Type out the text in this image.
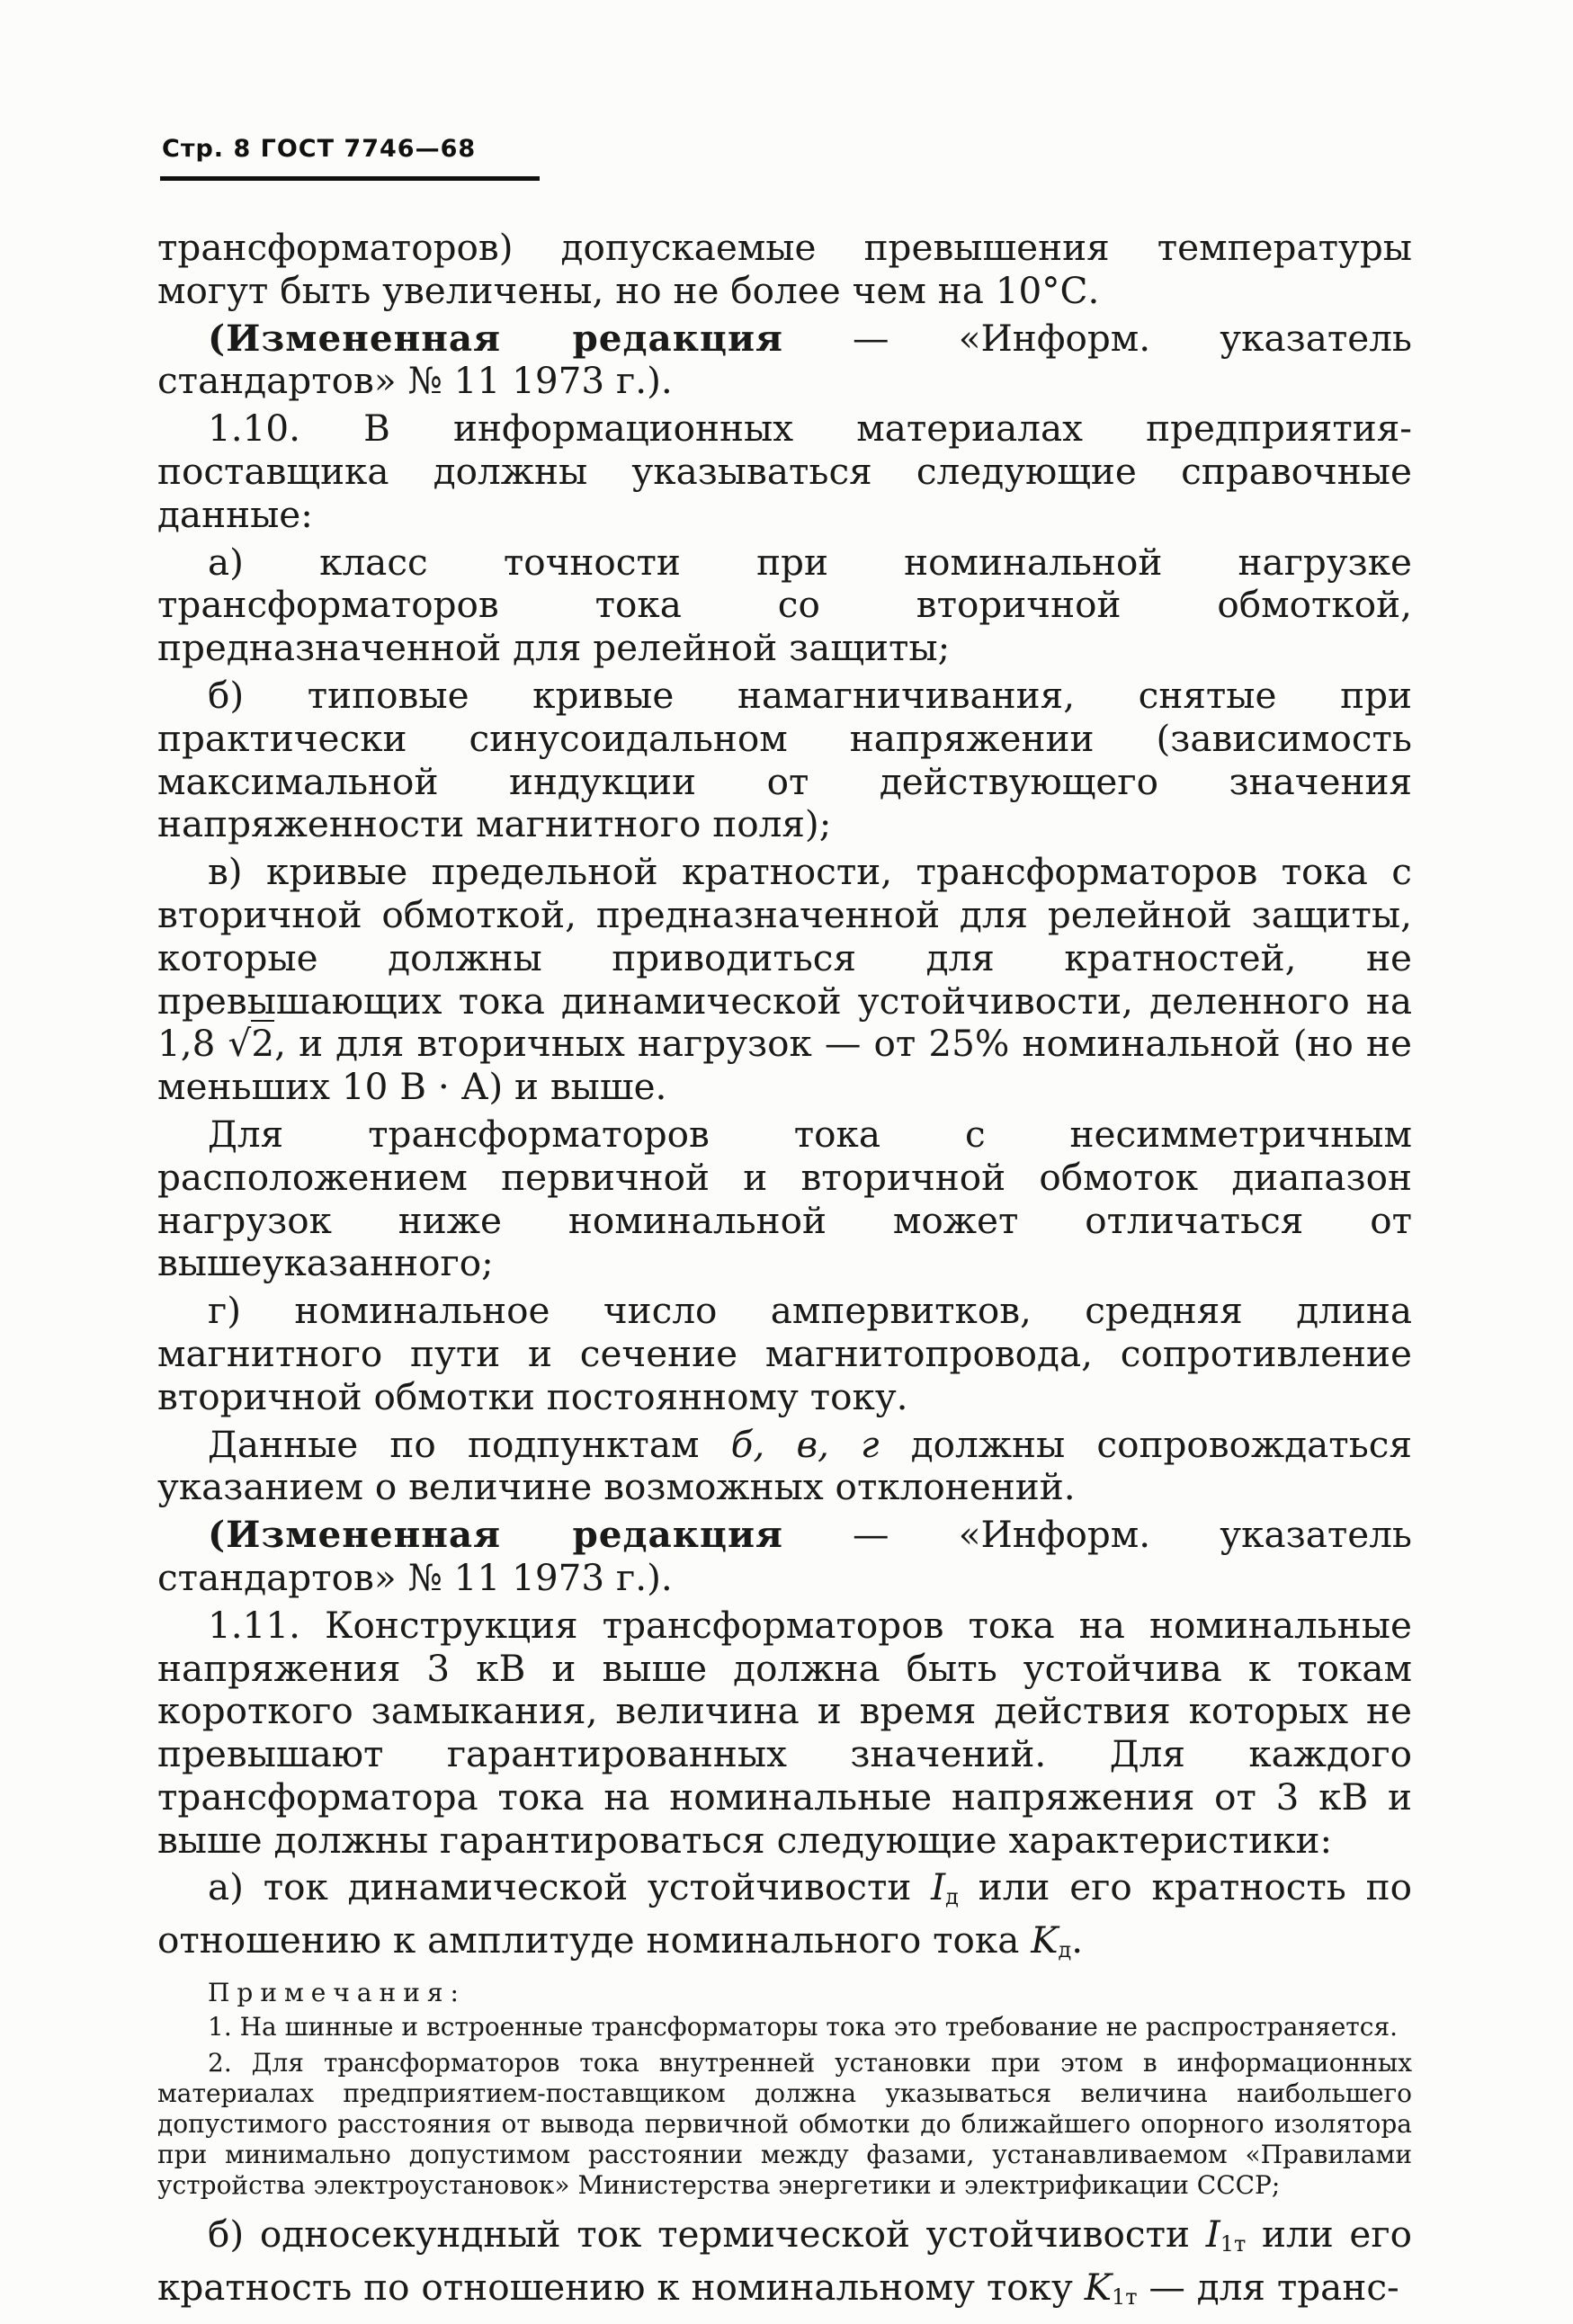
Стр. 8 ГОСТ 7746—68

трансформаторов) допускаемые превышения температуры могут быть увеличены, но не более чем на 10°С.

(Измененная редакция — «Информ. указатель стандартов» № 11 1973 г.).

1.10. В информационных материалах предприятия-поставщика должны указываться следующие справочные данные:

а) класс точности при номинальной нагрузке трансформаторов тока со вторичной обмоткой, предназначенной для релейной защиты;

б) типовые кривые намагничивания, снятые при практически синусоидальном напряжении (зависимость максимальной индукции от действующего значения напряженности магнитного поля);

в) кривые предельной кратности, трансформаторов тока с вторичной обмоткой, предназначенной для релейной защиты, которые должны приводиться для кратностей, не превышающих тока динамической устойчивости, деленного на 1,8 √2, и для вторичных нагрузок — от 25% номинальной (но не меньших 10 В · А) и выше.

Для трансформаторов тока с несимметричным расположением первичной и вторичной обмоток диапазон нагрузок ниже номинальной может отличаться от вышеуказанного;

г) номинальное число ампервитков, средняя длина магнитного пути и сечение магнитопровода, сопротивление вторичной обмотки постоянному току.

Данные по подпунктам б, в, г должны сопровождаться указанием о величине возможных отклонений.

(Измененная редакция — «Информ. указатель стандартов» № 11 1973 г.).

1.11. Конструкция трансформаторов тока на номинальные напряжения 3 кВ и выше должна быть устойчива к токам короткого замыкания, величина и время действия которых не превышают гарантированных значений. Для каждого трансформатора тока на номинальные напряжения от 3 кВ и выше должны гарантироваться следующие характеристики:

а) ток динамической устойчивости $I_д$ или его кратность по отношению к амплитуде номинального тока $K_д$.

Примечания:

1. На шинные и встроенные трансформаторы тока это требование не распространяется.

2. Для трансформаторов тока внутренней установки при этом в информационных материалах предприятием-поставщиком должна указываться величина наибольшего допустимого расстояния от вывода первичной обмотки до ближайшего опорного изолятора при минимально допустимом расстоянии между фазами, устанавливаемом «Правилами устройства электроустановок» Министерства энергетики и электрификации СССР;

б) односекундный ток термической устойчивости $I_{1т}$ или его кратность по отношению к номинальному току $K_{1т}$ — для транс-
